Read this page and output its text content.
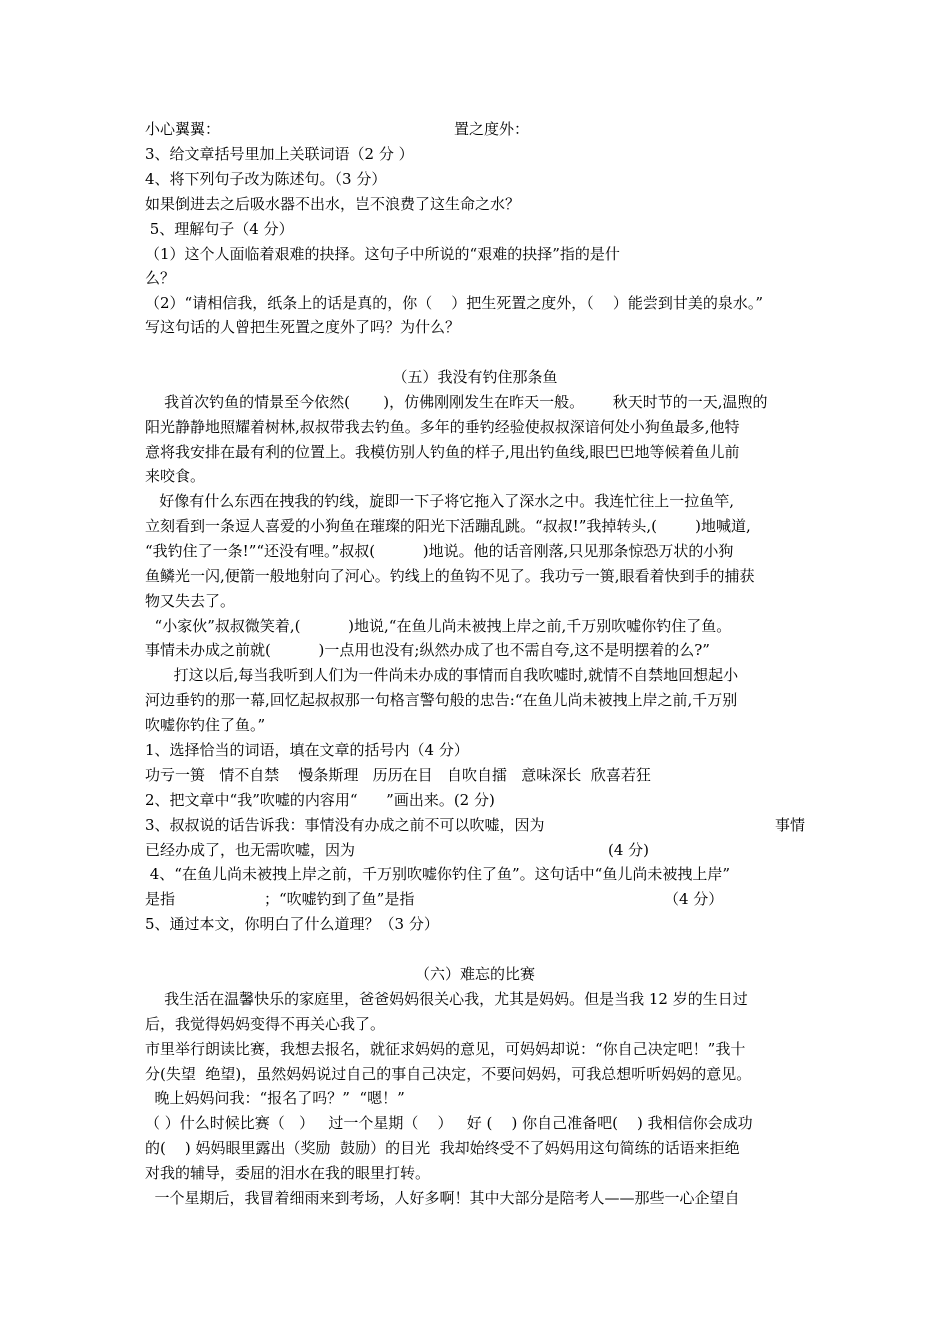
小心翼翼：	置之度外：
3、给文章括号里加上关联词语（2 分 ）
4、将下列句子改为陈述句。（3 分）
如果倒进去之后吸水器不出水，岂不浪费了这生命之水？
5、理解句子（4 分）
（1）这个人面临着艰难的抉择。这句子中所说的“艰难的抉择”指的是什
么？
（2）“请相信我，纸条上的话是真的，你（    ）把生死置之度外，（    ）能尝到甘美的泉水。”
写这句话的人曾把生死置之度外了吗？为什么？
（五）我没有钓住那条鱼
我首次钓鱼的情景至今依然(       )，仿佛刚刚发生在昨天一般。      秋天时节的一天,温煦的
阳光静静地照耀着树林,叔叔带我去钓鱼。多年的垂钓经验使叔叔深谙何处小狗鱼最多,他特
意将我安排在最有利的位置上。我模仿别人钓鱼的样子,甩出钓鱼线,眼巴巴地等候着鱼儿前
来咬食。
好像有什么东西在拽我的钓线，旋即一下子将它拖入了深水之中。我连忙往上一拉鱼竿,
立刻看到一条逗人喜爱的小狗鱼在璀璨的阳光下活蹦乱跳。“叔叔!”我掉转头,(        )地喊道,
“我钓住了一条!”“还没有哩。”叔叔(          )地说。他的话音刚落,只见那条惊恐万状的小狗
鱼鳞光一闪,便箭一般地射向了河心。钓线上的鱼钩不见了。我功亏一篑,眼看着快到手的捕获
物又失去了。
“小家伙”叔叔微笑着,(          )地说,“在鱼儿尚未被拽上岸之前,千万别吹嘘你钓住了鱼。
事情未办成之前就(          )一点用也没有;纵然办成了也不需自夸,这不是明摆着的么?”
打这以后,每当我听到人们为一件尚未办成的事情而自我吹嘘时,就情不自禁地回想起小
河边垂钓的那一幕,回忆起叔叔那一句格言警句般的忠告:“在鱼儿尚未被拽上岸之前,千万别
吹嘘你钓住了鱼。”
1、选择恰当的词语，填在文章的括号内（4 分）
功亏一篑   情不自禁    慢条斯理   历历在目   自吹自擂   意味深长  欣喜若狂
2、把文章中“我”吹嘘的内容用“      ”画出来。(2 分)
3、叔叔说的话告诉我：事情没有办成之前不可以吹嘘，因为	事情
已经办成了，也无需吹嘘，因为	(4 分)
4、“在鱼儿尚未被拽上岸之前，千万别吹嘘你钓住了鱼”。这句话中“鱼儿尚未被拽上岸”
是指	；“吹嘘钓到了鱼”是指	（4 分）
5、通过本文，你明白了什么道理？（3 分）
（六）难忘的比赛
我生活在温馨快乐的家庭里，爸爸妈妈很关心我，尤其是妈妈。但是当我 12 岁的生日过
后，我觉得妈妈变得不再关心我了。
市里举行朗读比赛，我想去报名，就征求妈妈的意见，可妈妈却说：“你自己决定吧！”我十
分(失望  绝望)，虽然妈妈说过自己的事自己决定，不要问妈妈，可我总想听听妈妈的意见。
晚上妈妈问我：“报名了吗？”  “嗯！”
（ ）什么时候比赛（   ）   过一个星期（    ）   好 (    ) 你自己准备吧(    ) 我相信你会成功
的(    ) 妈妈眼里露出（奖励  鼓励）的目光  我却始终受不了妈妈用这句简练的话语来拒绝
对我的辅导，委屈的泪水在我的眼里打转。
一个星期后，我冒着细雨来到考场，人好多啊！其中大部分是陪考人——那些一心企望自
